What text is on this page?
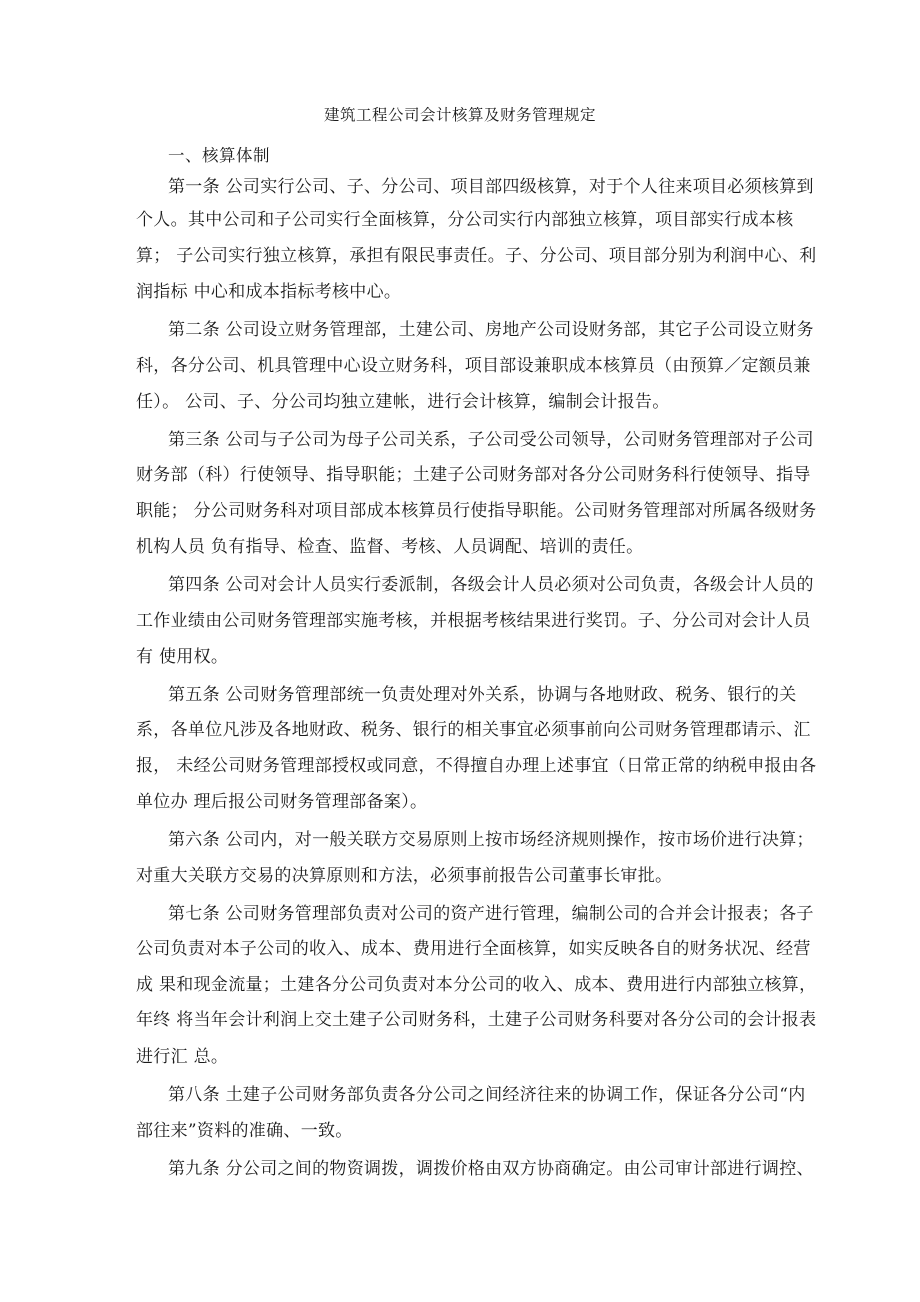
建筑工程公司会计核算及财务管理规定
一、核算体制
第一条 公司实行公司、子、分公司、项目部四级核算，对于个人往来项目必须核算到
个人。其中公司和子公司实行全面核算，分公司实行内部独立核算，项目部实行成本核
算； 子公司实行独立核算，承担有限民事责任。子、分公司、项目部分别为利润中心、利
润指标 中心和成本指标考核中心。
第二条 公司设立财务管理部，土建公司、房地产公司设财务部，其它子公司设立财务
科，各分公司、机具管理中心设立财务科，项目部设兼职成本核算员（由预算／定额员兼
任）。 公司、子、分公司均独立建帐，进行会计核算，编制会计报告。
第三条 公司与子公司为母子公司关系，子公司受公司领导，公司财务管理部对子公司
财务部（科）行使领导、指导职能；土建子公司财务部对各分公司财务科行使领导、指导
职能； 分公司财务科对项目部成本核算员行使指导职能。公司财务管理部对所属各级财务
机构人员 负有指导、检查、监督、考核、人员调配、培训的责任。
第四条 公司对会计人员实行委派制，各级会计人员必须对公司负责，各级会计人员的
工作业绩由公司财务管理部实施考核，并根据考核结果进行奖罚。子、分公司对会计人员
有 使用权。
第五条 公司财务管理部统一负责处理对外关系，协调与各地财政、税务、银行的关
系，各单位凡涉及各地财政、税务、银行的相关事宜必须事前向公司财务管理郡请示、汇
报， 未经公司财务管理部授权或同意，不得擅自办理上述事宜（日常正常的纳税申报由各
单位办 理后报公司财务管理部备案）。
第六条 公司内，对一般关联方交易原则上按市场经济规则操作，按市场价进行决算；
对重大关联方交易的决算原则和方法，必须事前报告公司董事长审批。
第七条 公司财务管理部负责对公司的资产进行管理，编制公司的合并会计报表；各子
公司负责对本子公司的收入、成本、费用进行全面核算，如实反映各自的财务状况、经营
成 果和现金流量；土建各分公司负责对本分公司的收入、成本、费用进行内部独立核算，
年终 将当年会计利润上交土建子公司财务科，土建子公司财务科要对各分公司的会计报表
进行汇 总。
第八条 土建子公司财务部负责各分公司之间经济往来的协调工作，保证各分公司“内
部往来”资料的准确、一致。
第九条 分公司之间的物资调拨，调拨价格由双方协商确定。由公司审计部进行调控、
